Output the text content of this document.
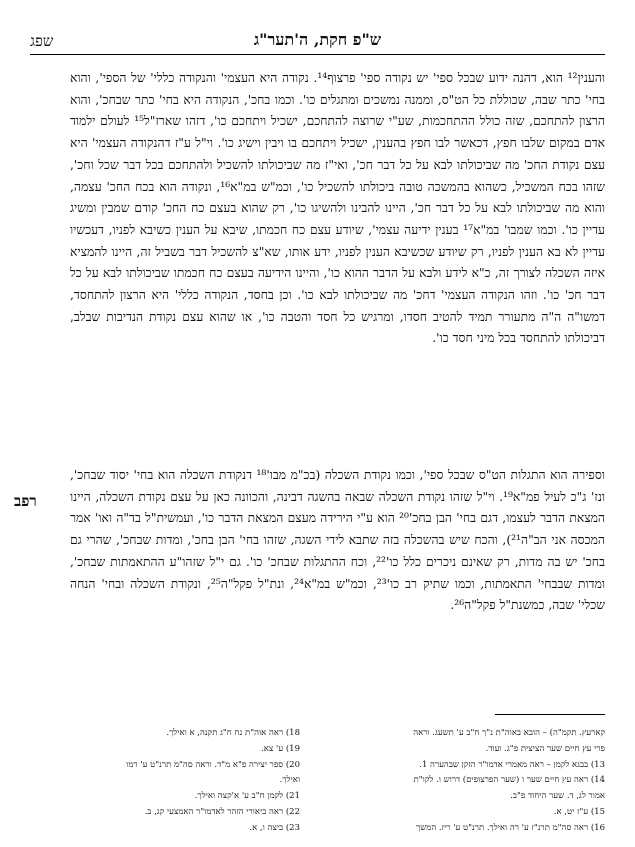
ש"פ חקת, ה'תער"ג
שפג
והענין¹² הוא, דהנה ידוע שבכל ספי' יש נקודה ספי' פרצוף¹⁴. נקודה היא העצמי' והנקודה כללי' של הספי', והוא בחי' כתר שבה, שכוללת כל הט"ס, וממנה נמשכים ומתגלים כו'. וכמו בחכ', הנקודה היא בחי' כתר שבחכ', והוא הרצון להתחכם, שזה כולל ההתחכמות, שע"י שרוצה להתחכם, ישכיל ויתחכם כו', דזהו שארז"ל¹⁵ לעולם ילמוד אדם במקום שלבו חפץ, דכאשר לבו חפץ בהענין, ישכיל ויתחכם בו ויבין וישיג כו'. וי"ל ע"ז דהנקודה העצמי' היא עצם נקודת החכ' מה שביכולתו לבא על כל דבר חכ', ואי"ז מה שביכולתו להשכיל ולהתחכם בכל דבר שכל וחכ', שזהו בכח המשכיל, כשהוא בהמשכה טובה ביכולתו להשכיל כו', וכמ"ש במ"א¹⁶, ונקודה הוא בכח החכ' עצמה, והוא מה שביכולתו לבא על כל דבר חכ', היינו להבינו ולהשיגו כו', רק שהוא בעצם כח החכ' קודם שמבין ומשיג עדיין כו'. וכמו שמבו' במ"א¹⁷ בענין ידיעה עצמי', שיודע עצם כח חכמתו, שיבא על הענין כשיבא לפניו, דעכשיו עדיין לא בא הענין לפניו, רק שיודע שכשיבא הענין לפניו, ידע אותו, שא"צ להשכיל דבר בשביל זה, היינו להמציא איזה השכלה לצורך זה, כ"א לידע ולבא על הדבר ההוא כו', והיינו הידיעה בעצם כח חכמתו שביכולתו לבא על כל דבר חכ' כו'. וזהו הנקודה העצמי' דחכ' מה שביכולתו לבא כו'. וכן בחסד, הנקודה כללי' היא הרצון להתחסד, דמשו"ה ה"ה מתעורר תמיד להטיב חסדו, ומרגיש כל חסד והטבה כו', או שהוא עצם נקודת הנדיבות שבלב, דביכולתו להתחסד בכל מיני חסד כו'.
רפב
וספירה הוא התגלות הט"ס שבכל ספי', וכמו נקודת השכלה (בכ"מ מבו'¹⁸ דנקודת השכלה הוא בחי' יסוד שבחכ', ונז' ג"כ לעיל פמ"א¹⁹. וי"ל שזהו נקודת השכלה שבאה בהשגה דבינה, והכוונה כאן על עצם נקודת השכלה, היינו המצאת הדבר לעצמו, דגם בחי' הבן בחכ'²⁰ הוא ע"י הירידה מעצם המצאת הדבר כו', ועמשית"ל בד"ה ואו' אמר המכסה אני הב"ה²¹), והכח שיש בהשכלה בזה שתבא לידי השגה, שזהו בחי' הבן בחכ', ומדות שבחכ', שהרי גם בחכ' יש בה מדות, רק שאינם ניכרים כלל כו'²², וכח ההתגלות שבחכ' כו'. גם י"ל שזהו"ע ההתאמתות שבחכ', ומדות שבבחי' התאמתות, וכמו שתיק רב כו'²³, וכמ"ש במ"א²⁴, ונת"ל פקל"ה²⁵, ונקודת השכלה ובחי' הנחה שכלי' שבה, כמשנת"ל פקל"ה²⁶.
קארעץ. תקמ"ה) – הובא באוה"ת נ"ך ח"ב ע' תשעג. וראה
פרי עץ חיים שער הציצית פ"ג. ועוד.
13) בבגא לקמן – ראה מאמרי אדמו"ר הזקן שבהערה 1.
14) ראה עץ חיים שער ו (שער הפרצופים) דרוש ו. לקו"ת
אמור לג, ד. שער היחוד פ"ב.
15) ע"ז יט, א.
16) ראה סה"מ תרנ"ז ע' רה ואילך. תרנ"ט ע' ריז. המשך
18) ראה אוה"ת נח ח"ג תקנה, א ואילך.
19) ע' צא.
20) ספר יצירה פ"א מ"ד. וראה סה"מ תרנ"ט ע' רמו
ואילך.
21) לקמן ח"ב ע' א'קצה ואילך.
22) ראה ביאורי הזהר לאדמו"ר האמצעי קג, ב.
23) ביצה ו, א.
